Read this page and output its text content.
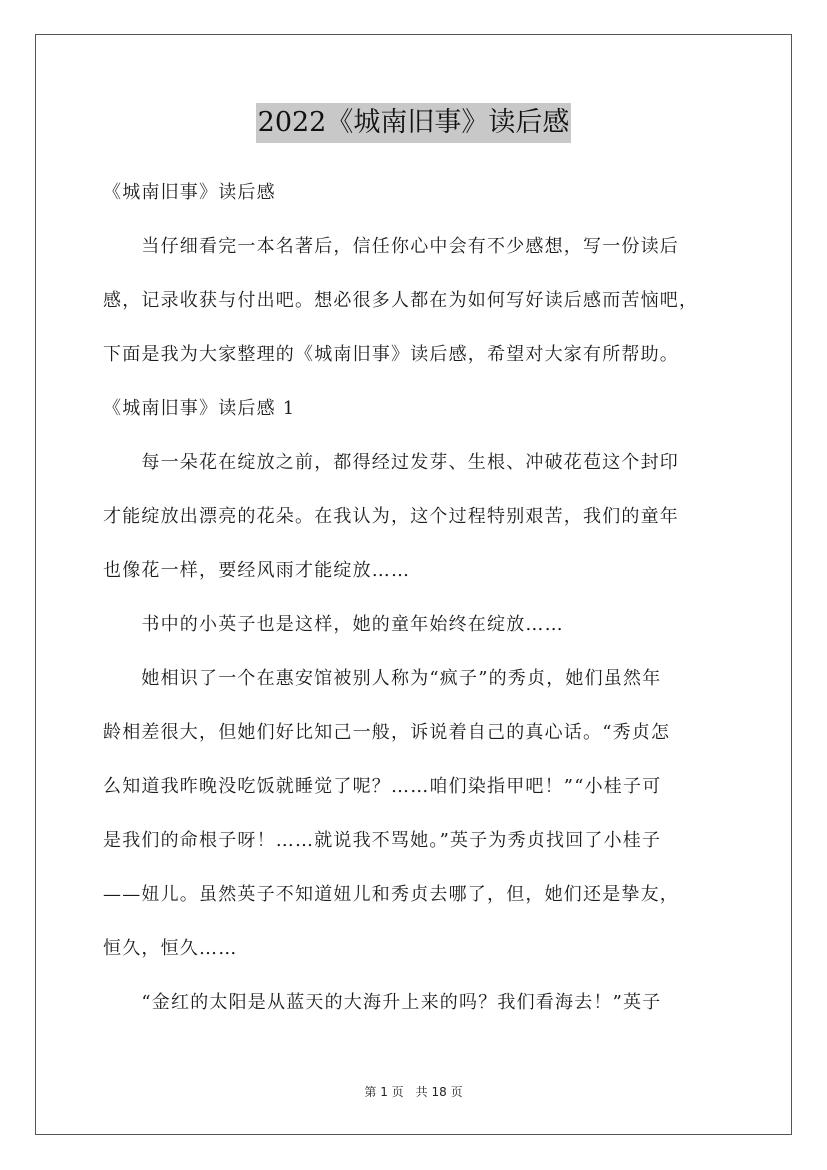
2022《城南旧事》读后感
《城南旧事》读后感
　　当仔细看完一本名著后，信任你心中会有不少感想，写一份读后
感，记录收获与付出吧。想必很多人都在为如何写好读后感而苦恼吧，
下面是我为大家整理的《城南旧事》读后感，希望对大家有所帮助。
《城南旧事》读后感 1
　　每一朵花在绽放之前，都得经过发芽、生根、冲破花苞这个封印
才能绽放出漂亮的花朵。在我认为，这个过程特别艰苦，我们的童年
也像花一样，要经风雨才能绽放……
　　书中的小英子也是这样，她的童年始终在绽放……
　　她相识了一个在惠安馆被别人称为“疯子”的秀贞，她们虽然年
龄相差很大，但她们好比知己一般，诉说着自己的真心话。“秀贞怎
么知道我昨晚没吃饭就睡觉了呢？……咱们染指甲吧！”“小桂子可
是我们的命根子呀！……就说我不骂她。”英子为秀贞找回了小桂子
——妞儿。虽然英子不知道妞儿和秀贞去哪了，但，她们还是挚友，
恒久，恒久……
　　“金红的太阳是从蓝天的大海升上来的吗？我们看海去！”英子
第 1 页　共 18 页
